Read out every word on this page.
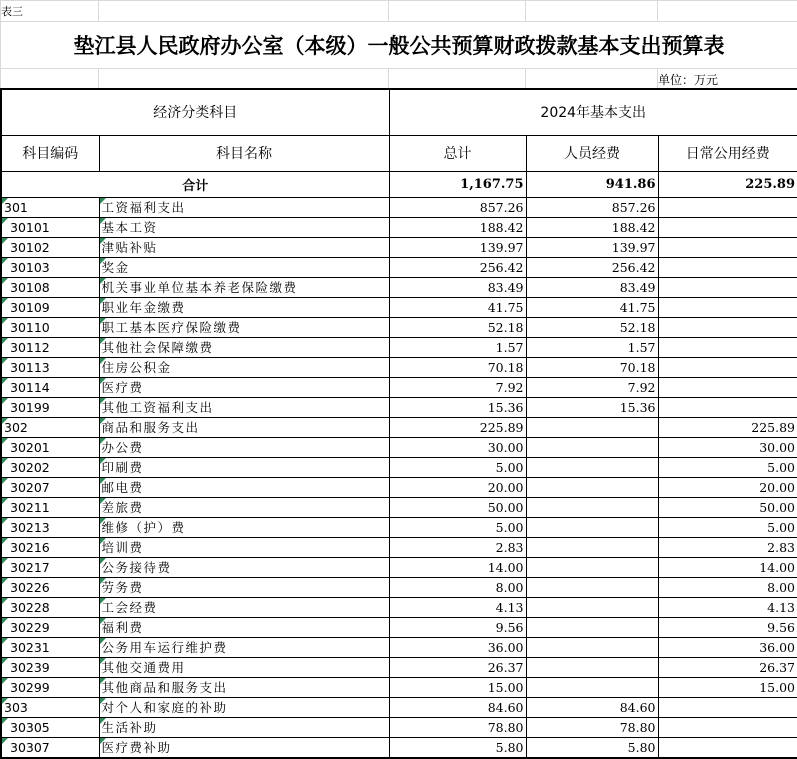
表三				
垫江县人民政府办公室（本级）一般公共预算财政拨款基本支出预算表				
				单位：万元
经济分类科目		2024年基本支出		
科目编码	科目名称	总计	人员经费	日常公用经费
合计		1,167.75	941.86	225.89

301	工资福利支出	857.26	857.26	

30101	基本工资	188.42	188.42	

30102	津贴补贴	139.97	139.97	

30103	奖金	256.42	256.42	

30108	机关事业单位基本养老保险缴费	83.49	83.49	

30109	职业年金缴费	41.75	41.75	

30110	职工基本医疗保险缴费	52.18	52.18	

30112	其他社会保障缴费	1.57	1.57	

30113	住房公积金	70.18	70.18	

30114	医疗费	7.92	7.92	

30199	其他工资福利支出	15.36	15.36	

302	商品和服务支出	225.89		225.89

30201	办公费	30.00		30.00

30202	印刷费	5.00		5.00

30207	邮电费	20.00		20.00

30211	差旅费	50.00		50.00

30213	维修（护）费	5.00		5.00

30216	培训费	2.83		2.83

30217	公务接待费	14.00		14.00

30226	劳务费	8.00		8.00

30228	工会经费	4.13		4.13

30229	福利费	9.56		9.56

30231	公务用车运行维护费	36.00		36.00

30239	其他交通费用	26.37		26.37

30299	其他商品和服务支出	15.00		15.00

303	对个人和家庭的补助	84.60	84.60	

30305	生活补助	78.80	78.80	

30307	医疗费补助	5.80	5.80	
